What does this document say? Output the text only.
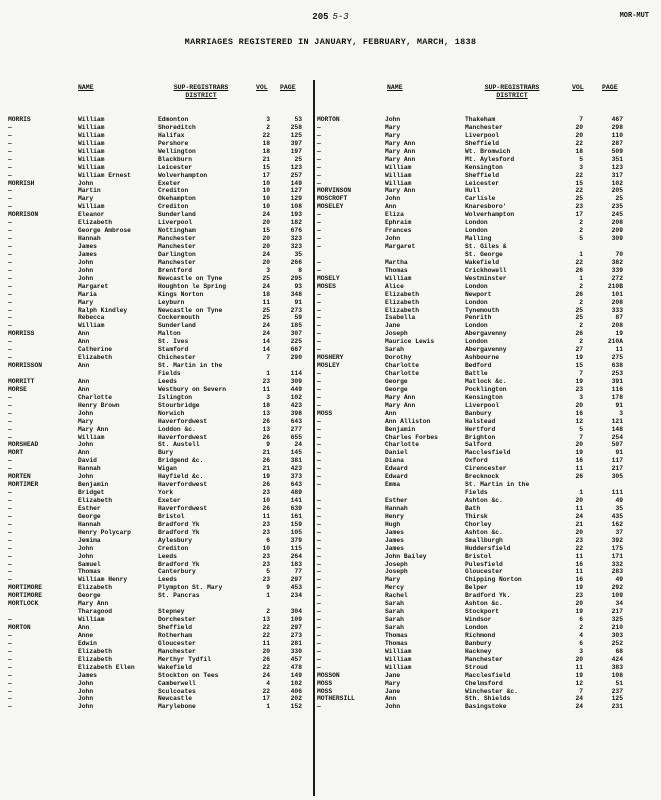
205 5-3	MOR-MUT
MARRIAGES REGISTERED IN JANUARY, FEBRUARY, MARCH, 1838
NAME	SUP-REGISTRARS
DISTRICT
VOL PAGE
MORRIS	William	Edmonton	3	53
—	William	Shoreditch	2	258
—	William	Halifax	22	125
—	William	Pershore	18	397
—	William	Wellington	18	197
—	William	Blackburn	21	25
—	William	Leicester	15	123
—	William Ernest	Wolverhampton	17	257
MORRISH	John	Exeter	10	149
—	Martin	Crediton	10	127
—	Mary	Okehampton	10	129
—	William	Crediton	10	108
MORRISON	Eleanor	Sunderland	24	193
—	Elizabeth	Liverpool	20	182
—	George Ambrose	Nottingham	15	676
—	Hannah	Manchester	20	323
—	James	Manchester	20	323
—	James	Darlington	24	35
—	John	Manchester	20	266
—	John	Brentford	3	8
—	John	Newcastle on Tyne	25	295
—	Margaret	Houghton le Spring	24	93
—	Maria	Kings Norton	18	348
—	Mary	Leyburn	11	91
—	Ralph Kindley	Newcastle on Tyne	25	273
—	Rebecca	Cockermouth	25	59
—	William	Sunderland	24	185
MORRISS	Ann	Malton	24	307
—	Ann	St. Ives	14	225
—	Catherine	Stamford	14	667
—	Elizabeth	Chichester	7	290
MORRISSON	Ann	St. Martin in the
Fields	1	114
MORRITT	Ann	Leeds	23	309
MORSE	Ann	Westbury on Severn	11	449
—	Charlotte	Islington	3	102
—	Henry Brown	Stourbridge	18	423
—	John	Norwich	13	398
—	Mary	Haverfordwest	26	643
—	Mary Ann	Loddon &c.	13	277
—	William	Haverfordwest	26	655
MORSHEAD	John	St. Austell	9	24
MORT	Ann	Bury	21	145
—	David	Bridgend &c.	26	381
—	Hannah	Wigan	21	423
MORTEN	John	Hayfield &c.	19	373
MORTIMER	Benjamin	Haverfordwest	26	643
—	Bridget	York	23	489
—	Elizabeth	Exeter	10	141
—	Esther	Haverfordwest	26	639
—	George	Bristol	11	161
—	Hannah	Bradford Yk	23	159
—	Henry Polycarp	Bradford Yk	23	105
—	Jemima	Aylesbury	6	379
—	John	Crediton	10	115
—	John	Leeds	23	264
—	Samuel	Bradford Yk	23	183
—	Thomas	Canterbury	5	77
—	William Henry	Leeds	23	297
MORTIMORE	Elizabeth	Plympton St. Mary	9	453
MORTIMORE	George	St. Pancras	1	234
MORTLOCK	Mary Ann
Tharagood	Stepney	2	304
—	William	Dorchester	13	109
MORTON	Ann	Sheffield	22	297
—	Anne	Rotherham	22	273
—	Edwin	Gloucester	11	281
—	Elizabeth	Manchester	20	330
—	Elizabeth	Merthyr Tydfil	26	457
—	Elizabeth Ellen	Wakefield	22	478
—	James	Stockton on Tees	24	149
—	John	Camberwell	4	102
—	John	Sculcoates	22	406
—	John	Newcastle	17	202
—	John	Marylebone	1	152
NAME	SUP-REGISTRARS
DISTRICT
VOL	PAGE
MORTON	John	Thakeham	7	467
—	Mary	Manchester	20	298
—	Mary	Liverpool	20	110
—	Mary Ann	Sheffield	22	287
—	Mary Ann	Wt. Bromwich	18	509
—	Mary Ann	Mt. Aylesford	5	351
—	William	Kensington	3	123
—	William	Sheffield	22	317
—	William	Leicester	15	102
MORVINSON	Mary Ann	Hull	22	205
MOSCROFT	John	Carlisle	25	25
MOSELEY	Ann	Knaresboro'	23	235
—	Eliza	Wolverhampton	17	245
—	Ephraim	London	2	208
—	Frances	London	2	209
—	John	Malling	5	309
—	Margaret	St. Giles &
St. George	1	70
—	Martha	Wakefield	22	382
—	Thomas	Crickhowell	26	339
MOSELY	William	Westminster	1	272
MOSES	Alice	London	2	210B
—	Elizabeth	Newport	26	101
—	Elizabeth	London	2	208
—	Elizabeth	Tynemouth	25	333
—	Isabella	Penrith	25	87
—	Jane	London	2	208
—	Joseph	Abergavenny	26	19
—	Maurice Lewis	London	2	210A
—	Sarah	Abergavenny	27	11
MOSHERY	Dorothy	Ashbourne	19	275
MOSLEY	Charlotte	Bedford	15	638
—	Charlotte	Battle	7	253
—	George	Matlock &c.	19	391
—	George	Pocklington	23	116
—	Mary Ann	Kensington	3	178
—	Mary Ann	Liverpool	20	91
MOSS	Ann	Banbury	16	3
—	Ann Alliston	Halstead	12	121
—	Benjamin	Hertford	5	148
—	Charles Forbes	Brighton	7	254
—	Charlotte	Salford	20	507
—	Daniel	Macclesfield	19	91
—	Diana	Oxford	16	117
—	Edward	Cirencester	11	217
—	Edward	Brecknock	26	305
—	Emma	St. Martin in the
Fields	1	111
—	Esther	Ashton &c.	20	49
—	Hannah	Bath	11	35
—	Henry	Thirsk	24	435
—	Hugh	Chorley	21	162
—	James	Ashton &c.	20	37
—	James	Smallburgh	23	392
—	James	Huddersfield	22	175
—	John Bailey	Bristol	11	171
—	Joseph	Pulesfield	16	332
—	Joseph	Gloucester	11	283
—	Mary	Chipping Norton	16	49
—	Mercy	Belper	19	292
—	Rachel	Bradford Yk.	23	109
—	Sarah	Ashton &c.	20	34
—	Sarah	Stockport	19	217
—	Sarah	Windsor	6	325
—	Sarah	London	2	210
—	Thomas	Richmond	4	303
—	Thomas	Banbury	6	252
—	William	Hackney	3	68
—	William	Manchester	20	424
—	William	Stroud	11	383
MOSSON	Jane	Macclesfield	19	108
MOSS	Mary	Chelmsford	12	51
MOSS	Jane	Winchester &c.	7	237
MOTHERSILL	Ann	Sth. Shields	24	125
—	John	Basingstoke	24	231
